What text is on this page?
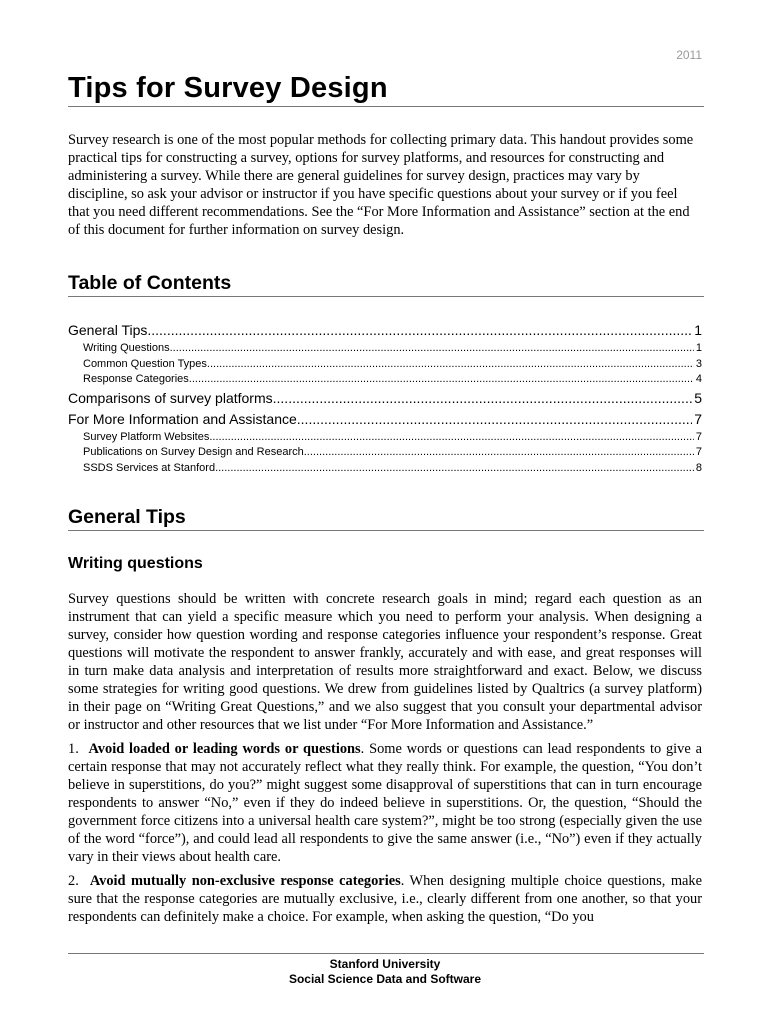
2011
Tips for Survey Design

Survey research is one of the most popular methods for collecting primary data. This handout provides some practical tips for constructing a survey, options for survey platforms, and resources for constructing and administering a survey. While there are general guidelines for survey design, practices may vary by discipline, so ask your advisor or instructor if you have specific questions about your survey or if you feel that you need different recommendations. See the “For More Information and Assistance” section at the end of this document for further information on survey design.

Table of Contents
General Tips .....	1
Writing Questions .....	1
Common Question Types .....	3
Response Categories .....	4
Comparisons of survey platforms .....	5
For More Information and Assistance .....	7
Survey Platform Websites .....	7
Publications on Survey Design and Research .....	7
SSDS Services at Stanford .....	8
General Tips
Writing questions

Survey questions should be written with concrete research goals in mind; regard each question as an instrument that can yield a specific measure which you need to perform your analysis. When designing a survey, consider how question wording and response categories influence your respondent’s response. Great questions will motivate the respondent to answer frankly, accurately and with ease, and great responses will in turn make data analysis and interpretation of results more straightforward and exact. Below, we discuss some strategies for writing good questions. We drew from guidelines listed by Qualtrics (a survey platform) in their page on “Writing Great Questions,” and we also suggest that you consult your departmental advisor or instructor and other resources that we list under “For More Information and Assistance.”

1. Avoid loaded or leading words or questions. Some words or questions can lead respondents to give a certain response that may not accurately reflect what they really think. For example, the question, “You don’t believe in superstitions, do you?” might suggest some disapproval of superstitions that can in turn encourage respondents to answer “No,” even if they do indeed believe in superstitions. Or, the question, “Should the government force citizens into a universal health care system?”, might be too strong (especially given the use of the word “force”), and could lead all respondents to give the same answer (i.e., “No”) even if they actually vary in their views about health care.

2. Avoid mutually non-exclusive response categories. When designing multiple choice questions, make sure that the response categories are mutually exclusive, i.e., clearly different from one another, so that your respondents can definitely make a choice. For example, when asking the question, “Do you

Stanford University
Social Science Data and Software
